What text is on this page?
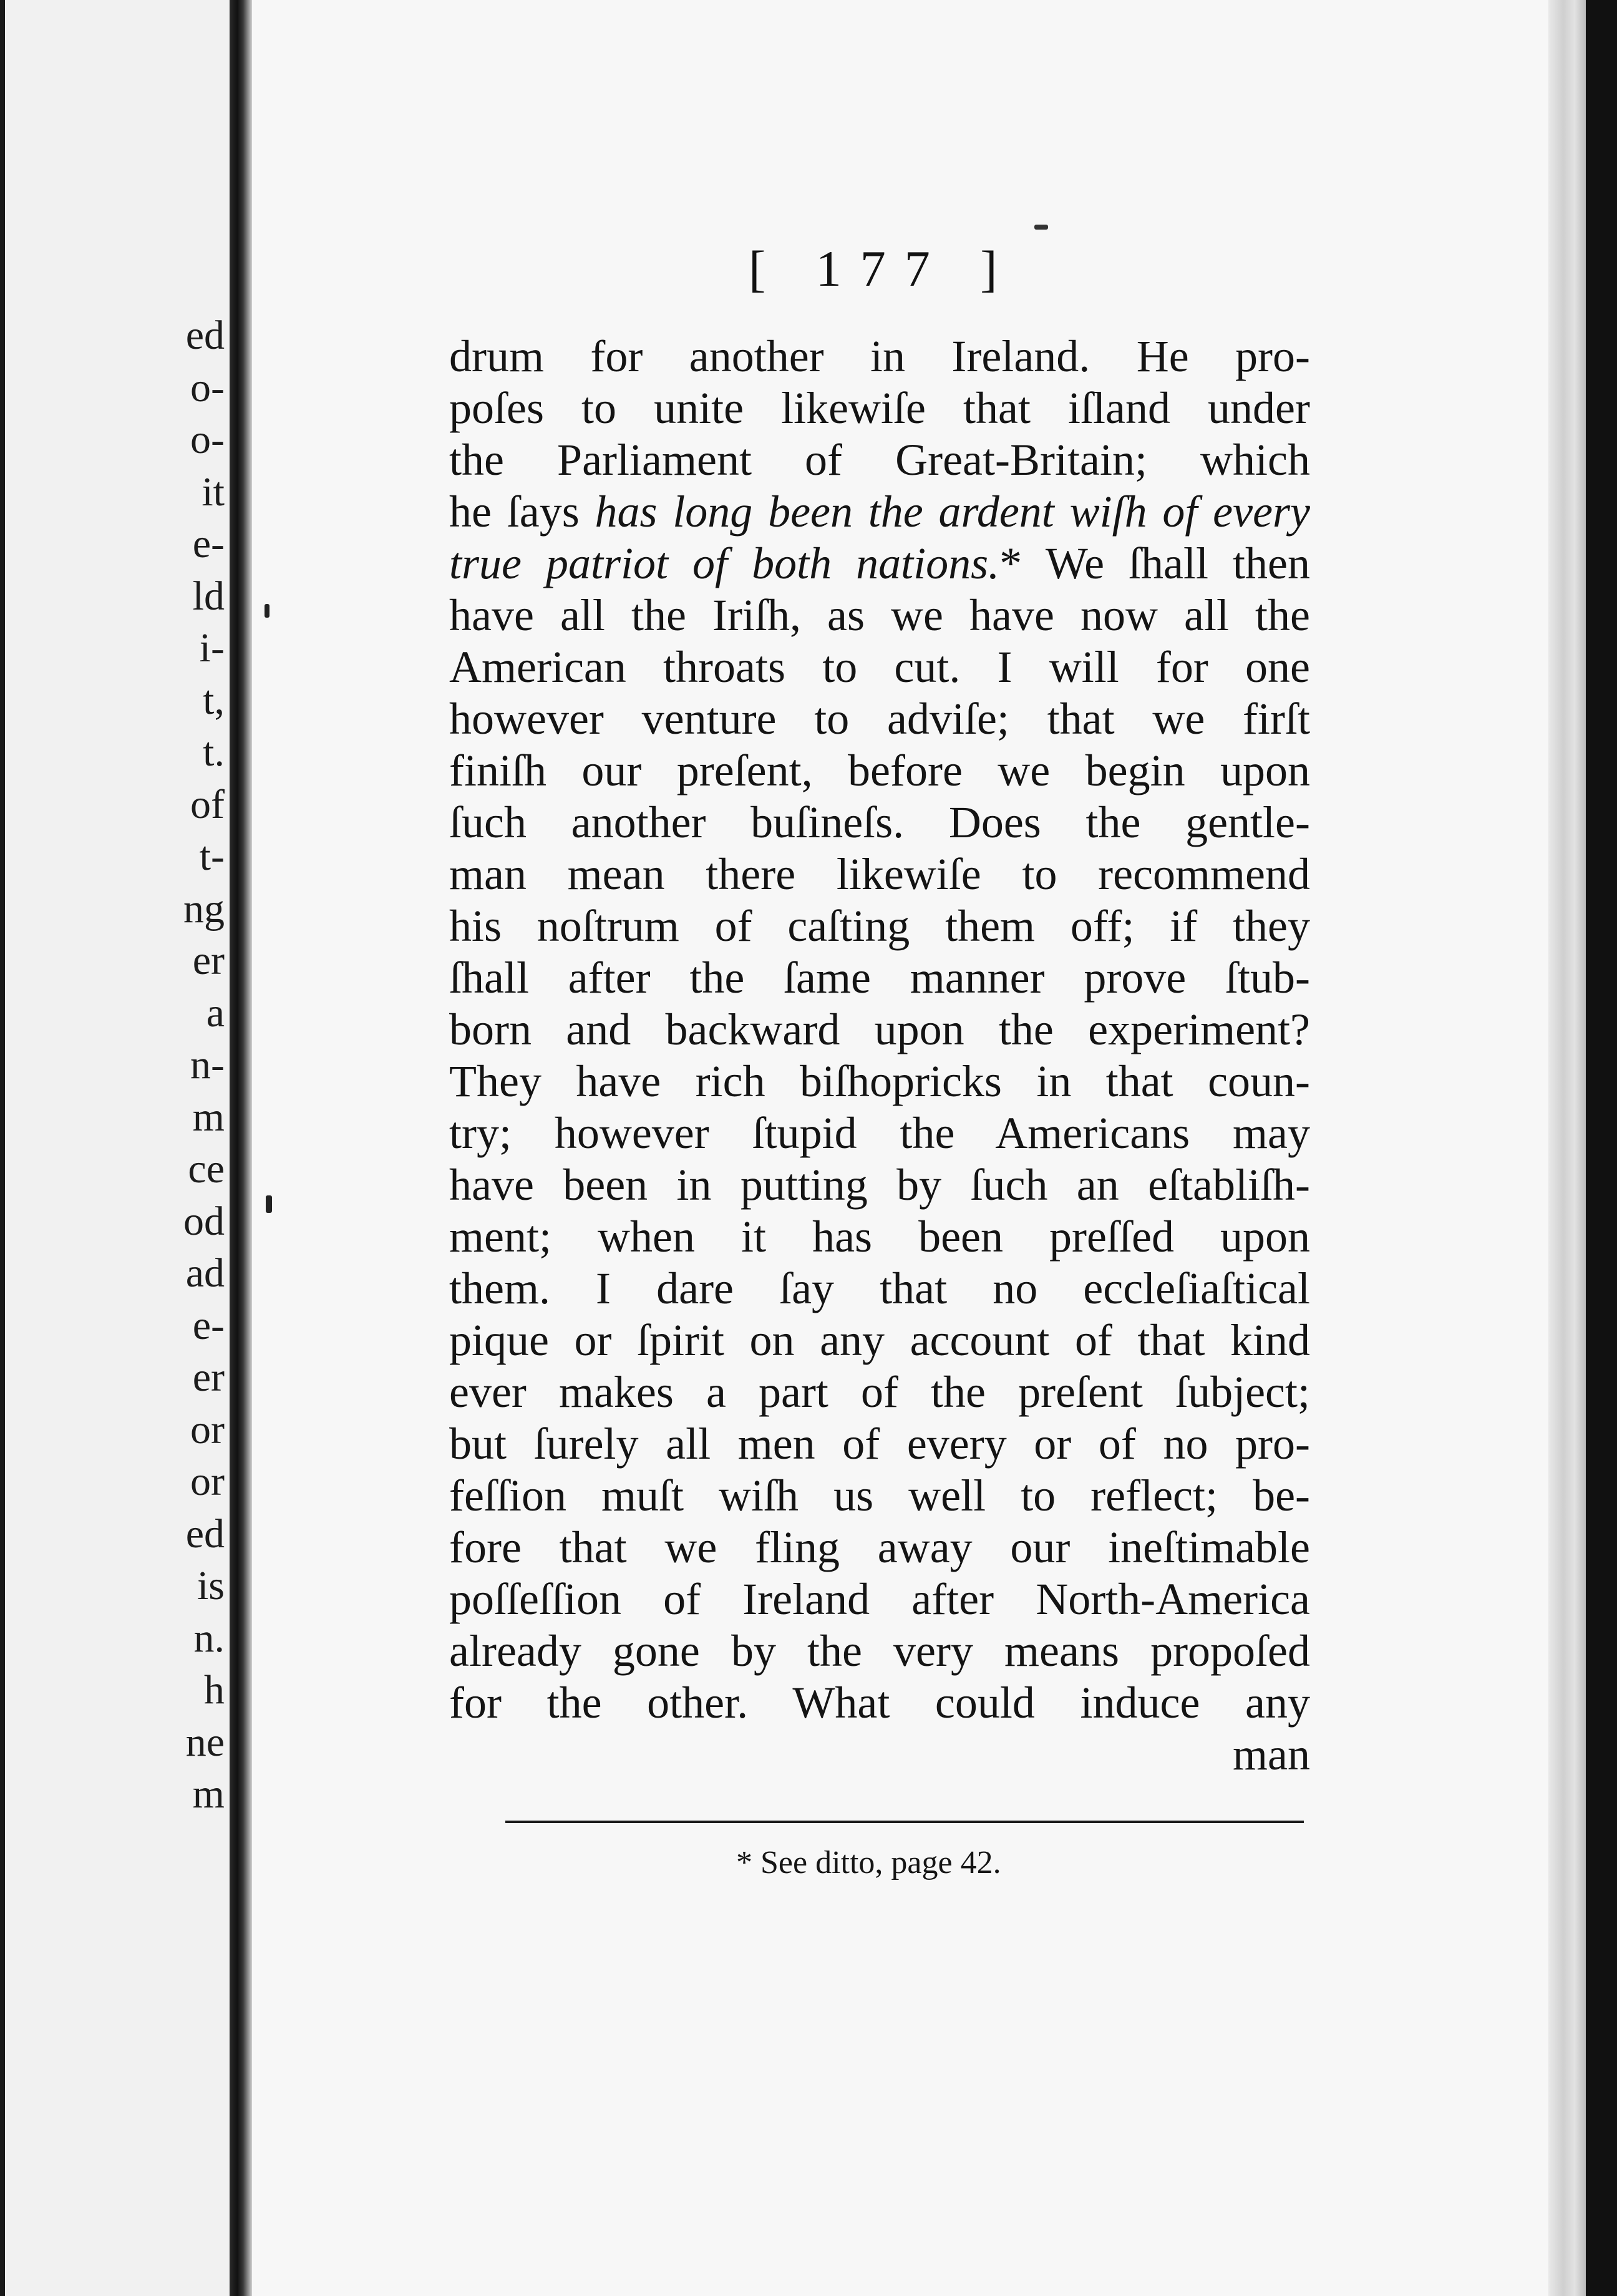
ed
o-
o-
it
e-
ld
i-
t,
t.
of
t-
ng
er
a
n-
m
ce
od
ad
e-
er
or
or
ed
is
n.
h
ne
m
[ 177 ]
drum for another in Ireland. He pro-
poſes to unite likewiſe that iſland under
the Parliament of Great-Britain; which
he ſays has long been the ardent wiſh of every
true patriot of both nations.* We ſhall then
have all the Iriſh, as we have now all the
American throats to cut. I will for one
however venture to adviſe; that we firſt
finiſh our preſent, before we begin upon
ſuch another buſineſs. Does the gentle-
man mean there likewiſe to recommend
his noſtrum of caſting them off; if they
ſhall after the ſame manner prove ſtub-
born and backward upon the experiment?
They have rich biſhopricks in that coun-
try; however ſtupid the Americans may
have been in putting by ſuch an eſtabliſh-
ment; when it has been preſſed upon
them. I dare ſay that no eccleſiaſtical
pique or ſpirit on any account of that kind
ever makes a part of the preſent ſubject;
but ſurely all men of every or of no pro-
feſſion muſt wiſh us well to reflect; be-
fore that we fling away our ineſtimable
poſſeſſion of Ireland after North-America
already gone by the very means propoſed
for the other. What could induce any
man
* See ditto, page 42.
